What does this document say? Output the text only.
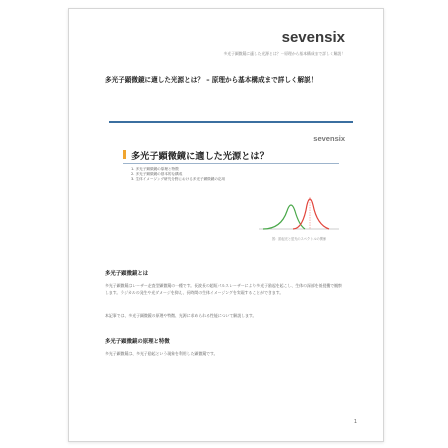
sevensix
多光子顕微鏡に適した光源とは？－原理から基本構成まで詳しく解説！
多光子顕微鏡に適した光源とは？ – 原理から基本構成まで詳しく解説！
sevensix
多光子顕微鏡に適した光源とは？
1. 多光子顕微鏡の原理と特徴
2. 多光子顕微鏡の基本的な構成
3. 生体イメージング研究分野における多光子顕微鏡の応用
図：励起光と蛍光のスペクトルの関係
多光子顕微鏡とは
多光子顕微鏡はレーザー走査型顕微鏡の一種です。長波長の超短パルスレーザーにより多光子励起を起こし、生体の深部を低侵襲で観察します。ラジカルの発生や光ダメージを抑え、長時間の生体イメージングを実現することができます。
本記事では、多光子顕微鏡の原理や特徴、光源に求められる性能について解説します。
多光子顕微鏡の原理と特徴
多光子顕微鏡は、多光子励起という現象を利用した顕微鏡です。
1
